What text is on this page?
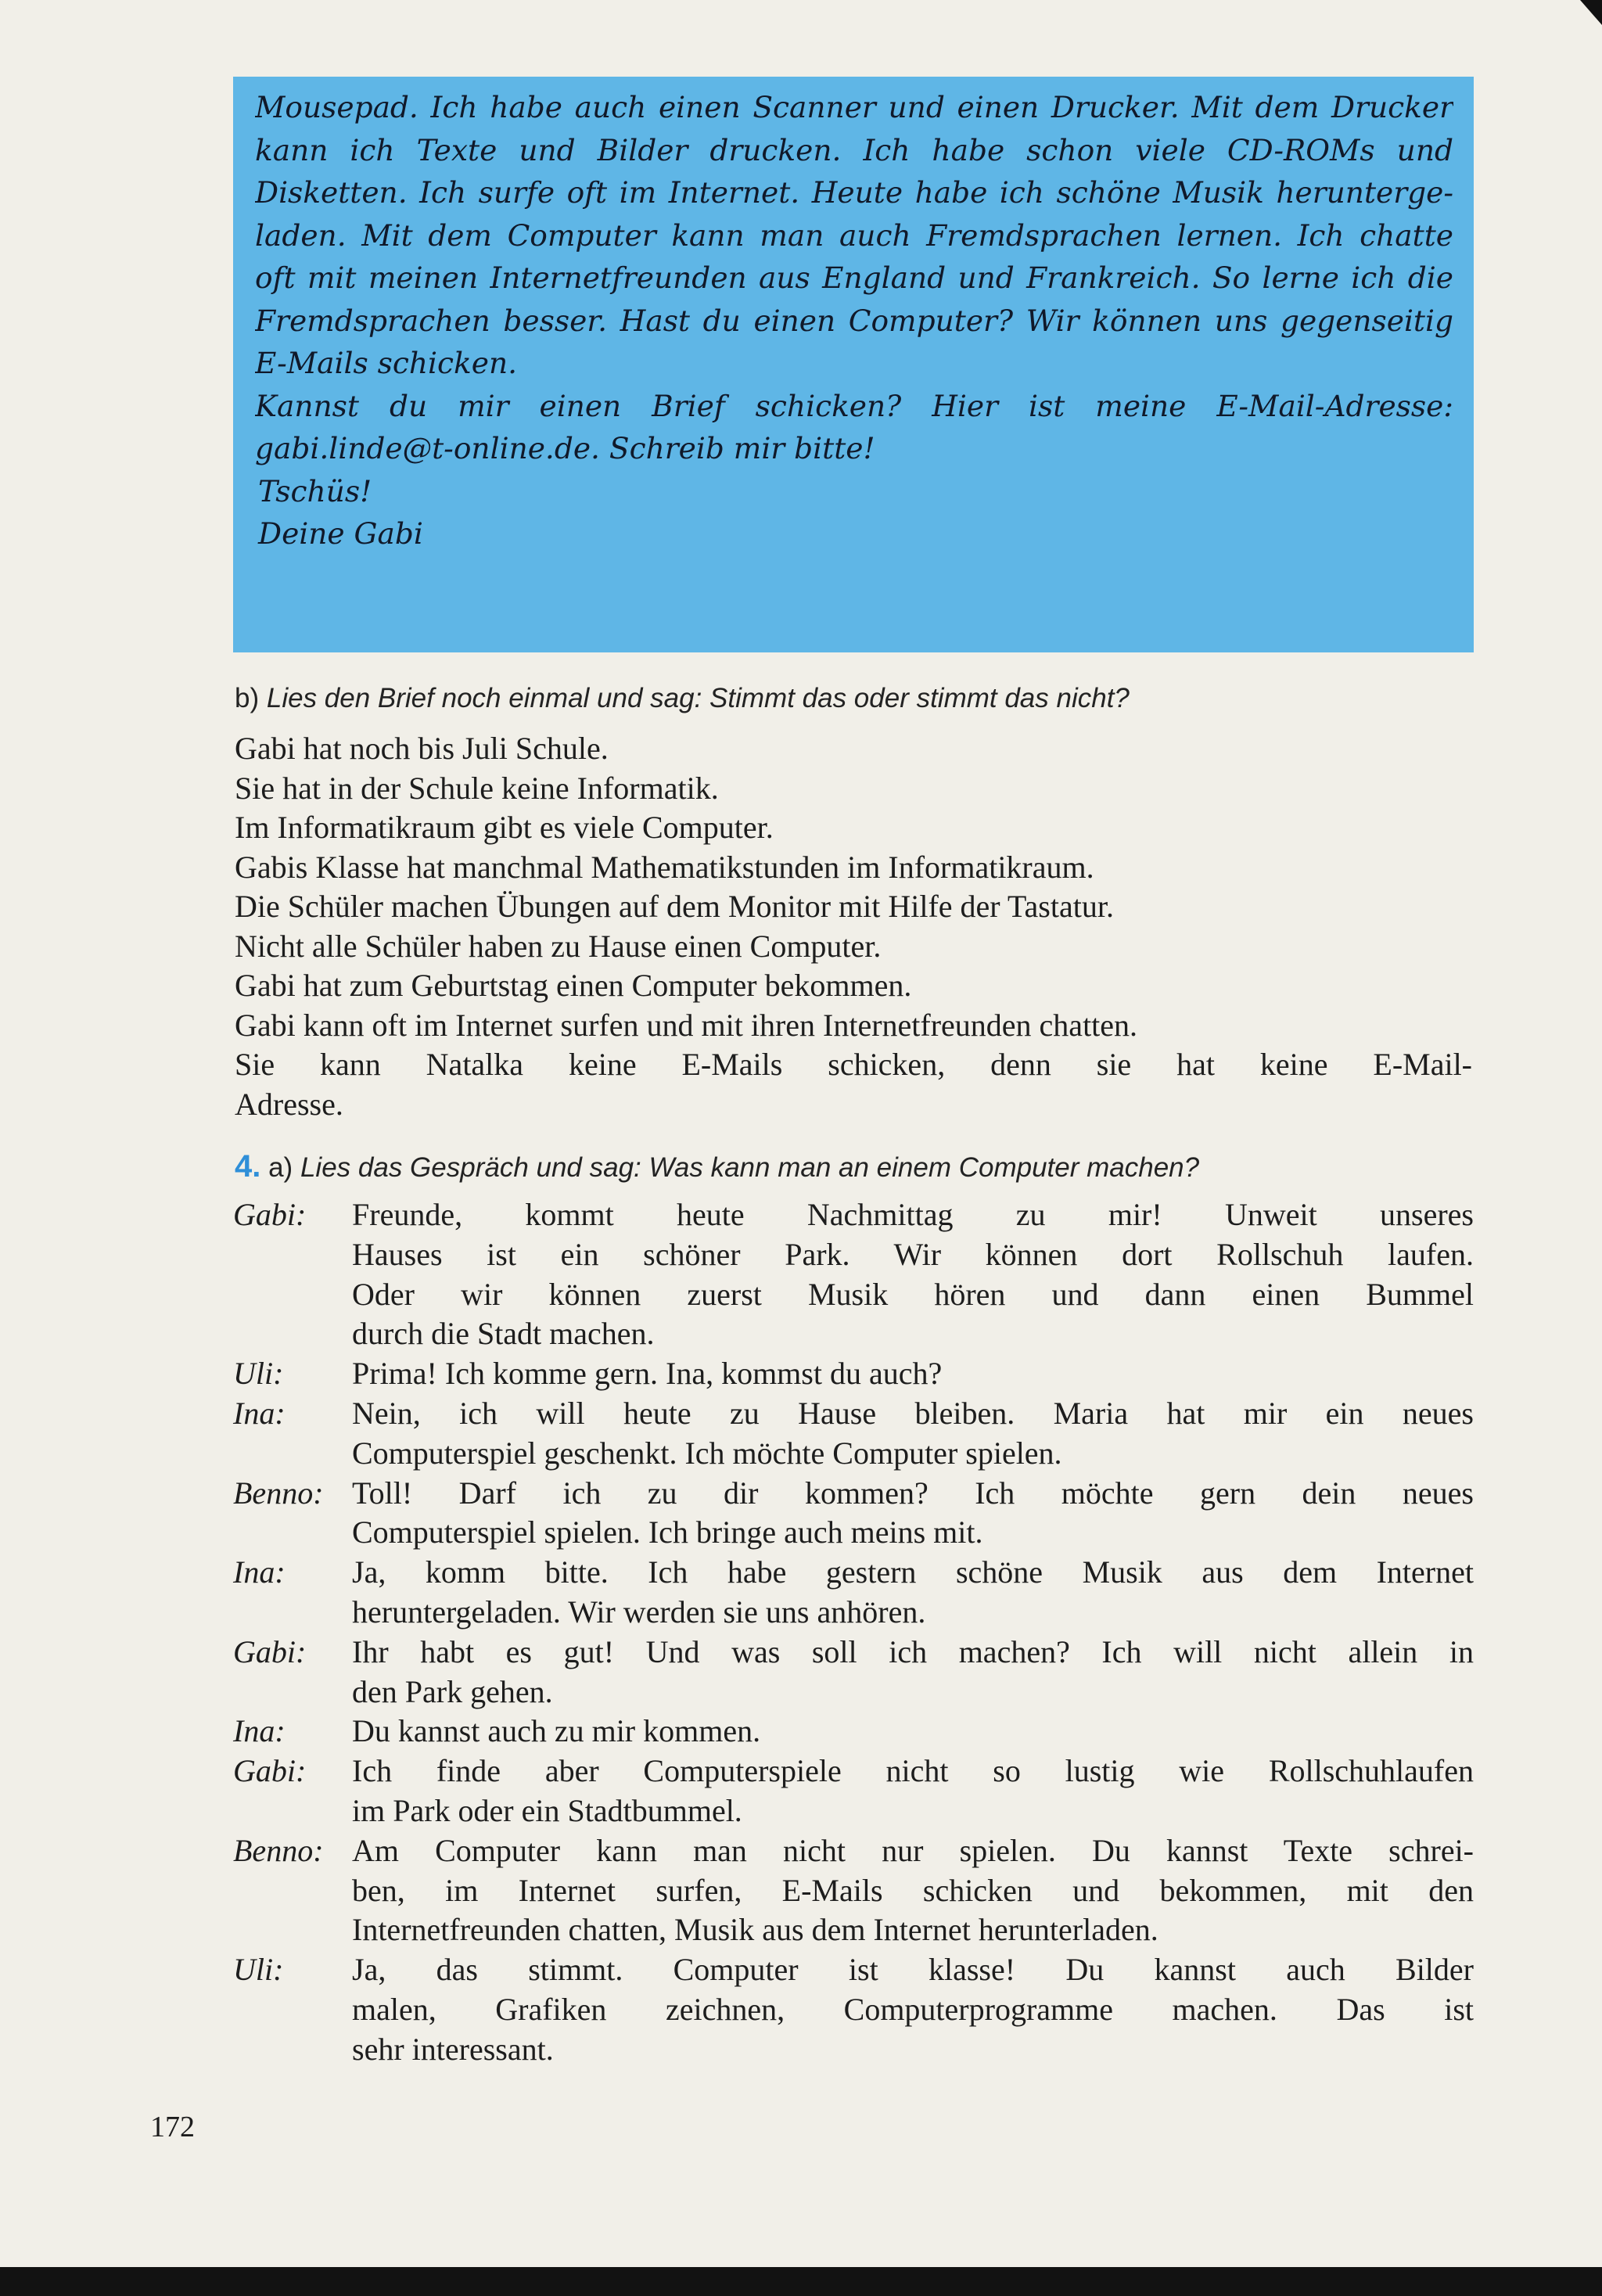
Mousepad. Ich habe auch einen Scanner und einen Drucker. Mit dem Drucker
kann ich Texte und Bilder drucken. Ich habe schon viele CD-ROMs und
Disketten. Ich surfe oft im Internet. Heute habe ich schöne Musik herunterge-
laden. Mit dem Computer kann man auch Fremdsprachen lernen. Ich chatte
oft mit meinen Internetfreunden aus England und Frankreich. So lerne ich die
Fremdsprachen besser. Hast du einen Computer? Wir können uns gegenseitig
E-Mails schicken.
Kannst du mir einen Brief schicken? Hier ist meine E-Mail-Adresse:
gabi.linde@t-online.de. Schreib mir bitte!
Tschüs!
Deine Gabi
b) Lies den Brief noch einmal und sag: Stimmt das oder stimmt das nicht?
Gabi hat noch bis Juli Schule.
Sie hat in der Schule keine Informatik.
Im Informatikraum gibt es viele Computer.
Gabis Klasse hat manchmal Mathematikstunden im Informatikraum.
Die Schüler machen Übungen auf dem Monitor mit Hilfe der Tastatur.
Nicht alle Schüler haben zu Hause einen Computer.
Gabi hat zum Geburtstag einen Computer bekommen.
Gabi kann oft im Internet surfen und mit ihren Internetfreunden chatten.
Sie kann Natalka keine E-Mails schicken, denn sie hat keine E-Mail-
Adresse.
4. a) Lies das Gespräch und sag: Was kann man an einem Computer machen?
Gabi:	Freunde, kommt heute Nachmittag zu mir! Unweit unseres
Hauses ist ein schöner Park. Wir können dort Rollschuh laufen.
Oder wir können zuerst Musik hören und dann einen Bummel
durch die Stadt machen.
Uli:	Prima! Ich komme gern. Ina, kommst du auch?
Ina:	Nein, ich will heute zu Hause bleiben. Maria hat mir ein neues
Computerspiel geschenkt. Ich möchte Computer spielen.
Benno: Toll! Darf ich zu dir kommen? Ich möchte gern dein neues
Computerspiel spielen. Ich bringe auch meins mit.
Ina:	Ja, komm bitte. Ich habe gestern schöne Musik aus dem Internet
heruntergeladen. Wir werden sie uns anhören.
Gabi:	Ihr habt es gut! Und was soll ich machen? Ich will nicht allein in
den Park gehen.
Ina:	Du kannst auch zu mir kommen.
Gabi:	Ich finde aber Computerspiele nicht so lustig wie Rollschuhlaufen
im Park oder ein Stadtbummel.
Benno: Am Computer kann man nicht nur spielen. Du kannst Texte schrei-
ben, im Internet surfen, E-Mails schicken und bekommen, mit den
Internetfreunden chatten, Musik aus dem Internet herunterladen.
Uli:	Ja, das stimmt. Computer ist klasse! Du kannst auch Bilder
malen, Grafiken zeichnen, Computerprogramme machen. Das ist
sehr interessant.
172
